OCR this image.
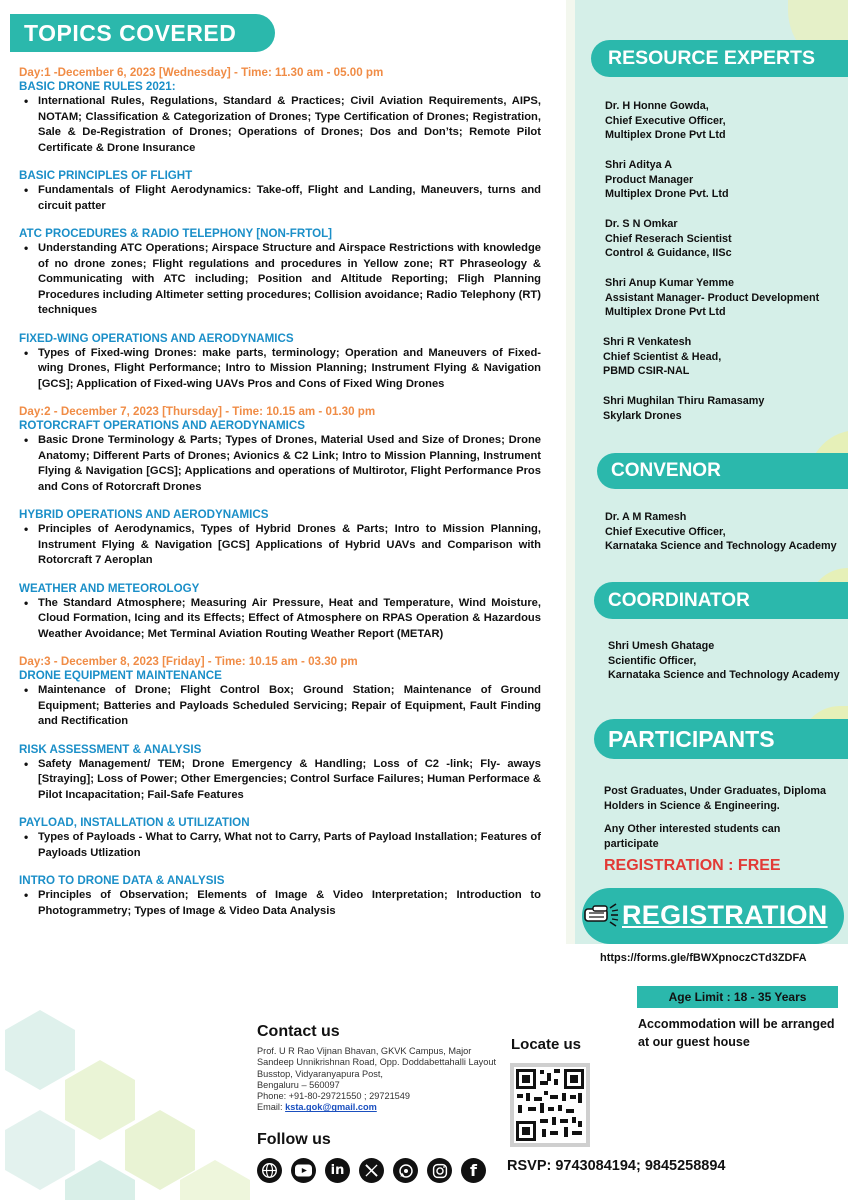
TOPICS COVERED
Day:1 -December 6, 2023 [Wednesday] - Time: 11.30 am - 05.00 pm
BASIC DRONE RULES 2021:
• International Rules, Regulations, Standard & Practices; Civil Aviation Requirements, AIPS, NOTAM; Classification & Categorization of Drones; Type Certification of Drones; Registration, Sale & De-Registration of Drones; Operations of Drones; Dos and Don’ts; Remote Pilot Certificate & Drone Insurance
BASIC PRINCIPLES OF FLIGHT
• Fundamentals of Flight Aerodynamics: Take-off, Flight and Landing, Maneuvers, turns and circuit patter
ATC PROCEDURES & RADIO TELEPHONY [NON-FRTOL]
• Understanding ATC Operations; Airspace Structure and Airspace Restrictions with knowledge of no drone zones; Flight regulations and procedures in Yellow zone; RT Phraseology & Communicating with ATC including; Position and Altitude Reporting; Fligh Planning Procedures including Altimeter setting procedures; Collision avoidance; Radio Telephony (RT) techniques
FIXED-WING OPERATIONS AND AERODYNAMICS
• Types of Fixed-wing Drones: make parts, terminology; Operation and Maneuvers of Fixed-wing Drones, Flight Performance; Intro to Mission Planning; Instrument Flying & Navigation [GCS]; Application of Fixed-wing UAVs Pros and Cons of Fixed Wing Drones
Day:2 - December 7, 2023 [Thursday] - Time: 10.15 am - 01.30 pm
ROTORCRAFT OPERATIONS AND AERODYNAMICS
• Basic Drone Terminology & Parts; Types of Drones, Material Used and Size of Drones; Drone Anatomy; Different Parts of Drones; Avionics & C2 Link; Intro to Mission Planning, Instrument Flying & Navigation [GCS]; Applications and operations of Multirotor, Flight Performance Pros and Cons of Rotorcraft Drones
HYBRID OPERATIONS AND AERODYNAMICS
• Principles of Aerodynamics, Types of Hybrid Drones & Parts; Intro to Mission Planning, Instrument Flying & Navigation [GCS] Applications of Hybrid UAVs and Comparison with Rotorcraft 7 Aeroplan
WEATHER AND METEOROLOGY
• The Standard Atmosphere; Measuring Air Pressure, Heat and Temperature, Wind Moisture, Cloud Formation, Icing and its Effects; Effect of Atmosphere on RPAS Operation & Hazardous Weather Avoidance; Met Terminal Aviation Routing Weather Report (METAR)
Day:3 - December 8, 2023 [Friday] - Time: 10.15 am - 03.30 pm
DRONE EQUIPMENT MAINTENANCE
• Maintenance of Drone; Flight Control Box; Ground Station; Maintenance of Ground Equipment; Batteries and Payloads Scheduled Servicing; Repair of Equipment, Fault Finding and Rectification
RISK ASSESSMENT & ANALYSIS
• Safety Management/ TEM; Drone Emergency & Handling; Loss of C2 -link; Fly- aways [Straying]; Loss of Power; Other Emergencies; Control Surface Failures; Human Performace & Pilot Incapacitation; Fail-Safe Features
PAYLOAD, INSTALLATION & UTILIZATION
• Types of Payloads - What to Carry, What not to Carry, Parts of Payload Installation; Features of Payloads Utlization
INTRO TO DRONE DATA & ANALYSIS
• Principles of Observation; Elements of Image & Video Interpretation; Introduction to Photogrammetry; Types of Image & Video Data Analysis
RESOURCE EXPERTS
Dr. H Honne Gowda,
Chief Executive Officer,
Multiplex Drone Pvt Ltd
Shri Aditya A
Product Manager
Multiplex Drone Pvt. Ltd
Dr. S N Omkar
Chief Reserach Scientist
Control & Guidance, IISc
Shri Anup Kumar Yemme
Assistant Manager- Product Development
Multiplex Drone Pvt Ltd
Shri R Venkatesh
Chief Scientist & Head,
PBMD CSIR-NAL
Shri Mughilan Thiru Ramasamy
Skylark Drones
CONVENOR
Dr. A M Ramesh
Chief Executive Officer,
Karnataka Science and Technology Academy
COORDINATOR
Shri Umesh Ghatage
Scientific Officer,
Karnataka Science and Technology Academy
PARTICIPANTS
Post Graduates, Under Graduates, Diploma Holders in Science & Engineering.
Any Other interested students can participate
REGISTRATION : FREE
REGISTRATION
https://forms.gle/fBWXpnoczCTd3ZDFA
Age Limit : 18 - 35 Years
Accommodation will be arranged at our guest house
Contact us
Prof. U R Rao Vijnan Bhavan, GKVK Campus, Major Sandeep Unnikrishnan Road, Opp. Doddabettahalli Layout Busstop, Vidyaranyapura Post,
Bengaluru – 560097
Phone: +91-80-29721550 ; 29721549
Email: ksta.gok@gmail.com
Follow us
in	f
Locate us
RSVP: 9743084194; 9845258894
